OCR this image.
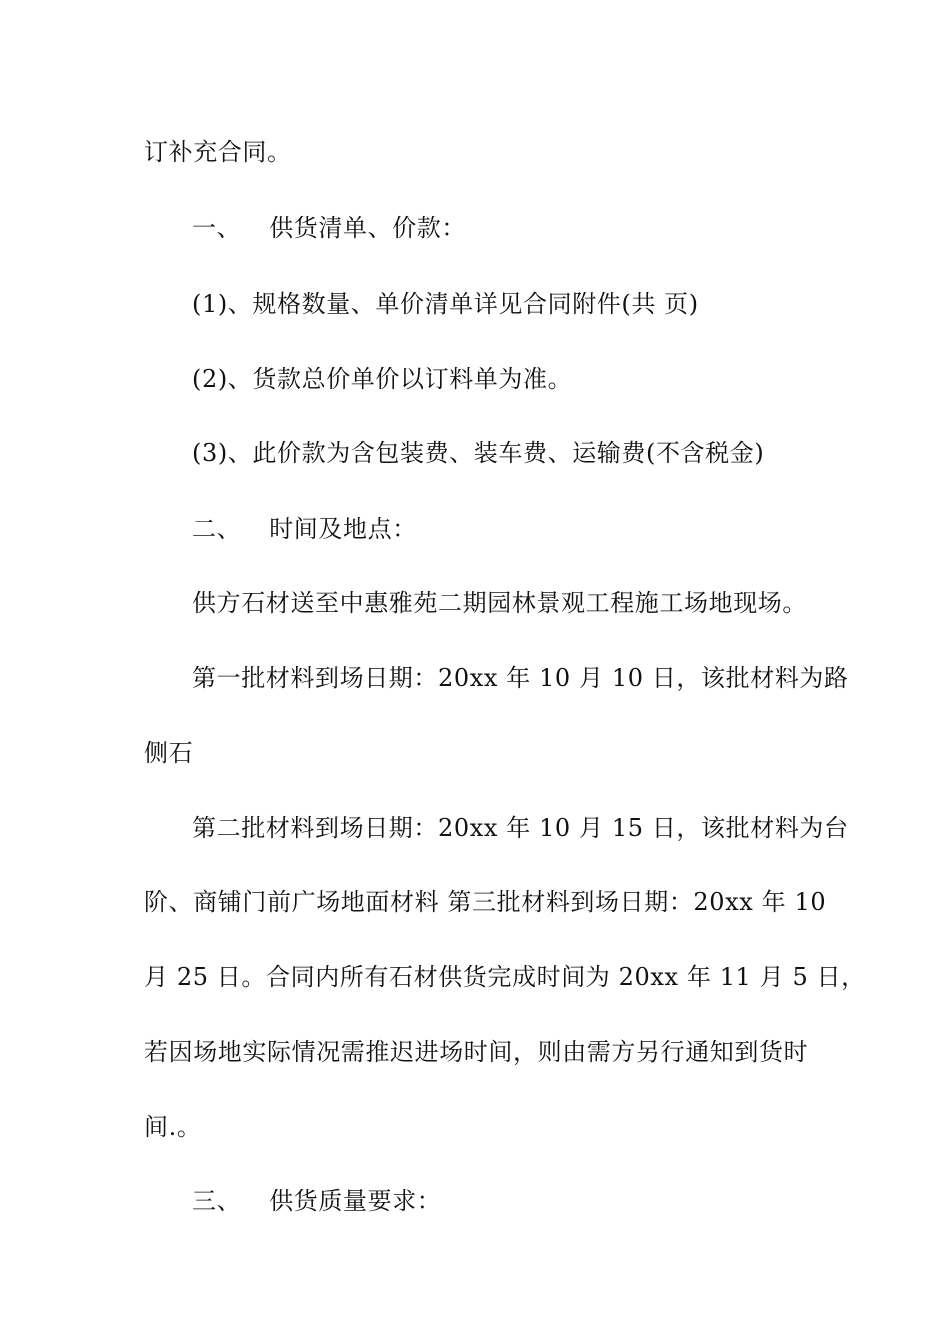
订补充合同。
一、 供货清单、价款：
(1)、规格数量、单价清单详见合同附件(共 页)
(2)、货款总价单价以订料单为准。
(3)、此价款为含包装费、装车费、运输费(不含税金)
二、 时间及地点：
供方石材送至中惠雅苑二期园林景观工程施工场地现场。
第一批材料到场日期：20xx 年 10 月 10 日，该批材料为路
侧石
第二批材料到场日期：20xx 年 10 月 15 日，该批材料为台
阶、商铺门前广场地面材料 第三批材料到场日期：20xx 年 10
月 25 日。合同内所有石材供货完成时间为 20xx 年 11 月 5 日，
若因场地实际情况需推迟进场时间，则由需方另行通知到货时
间.。
三、 供货质量要求：
